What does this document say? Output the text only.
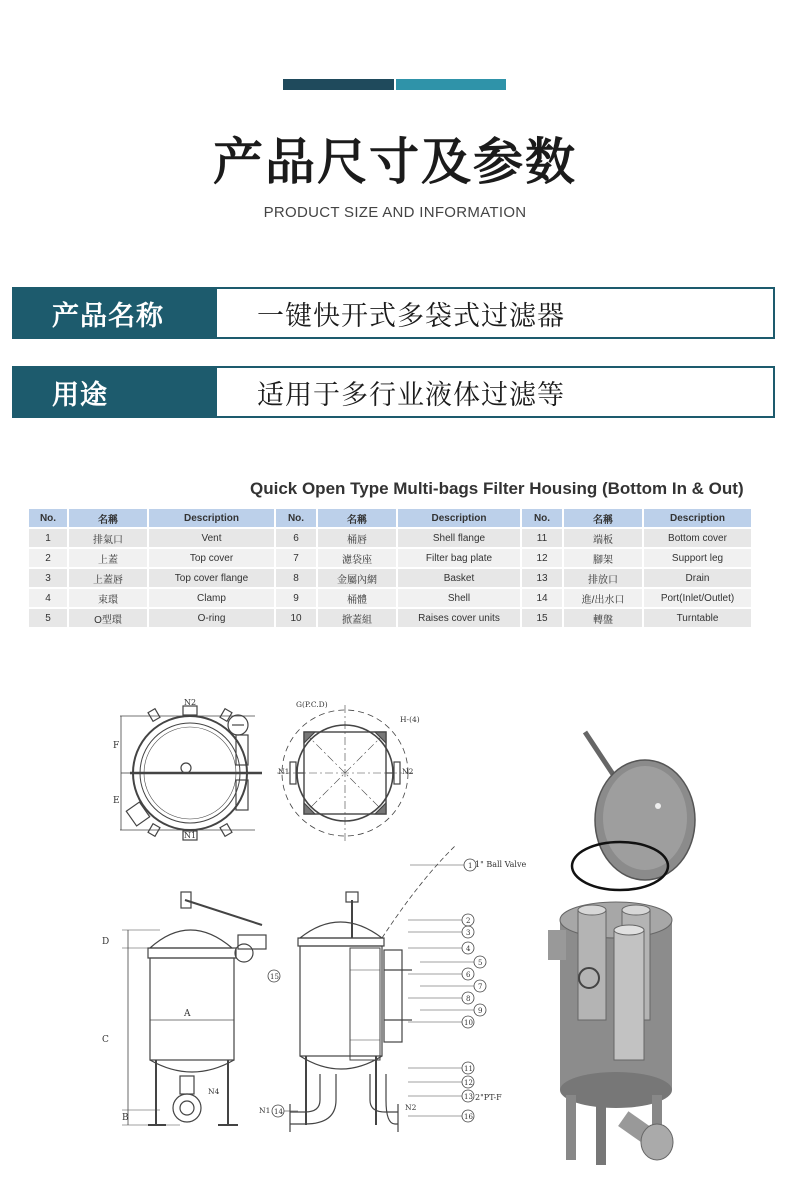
产品尺寸及参数
PRODUCT SIZE AND INFORMATION
产品名称	一键快开式多袋式过滤器
用途	适用于多行业液体过滤等
Quick Open Type Multi-bags Filter Housing (Bottom In & Out)
No.	名稱	Description	No.	名稱	Description	No.	名稱	Description
1	排氣口	Vent	6	桶唇	Shell flange	11	端板	Bottom cover
2	上蓋	Top cover	7	濾袋座	Filter bag plate	12	腳架	Support leg
3	上蓋唇	Top cover flange	8	金屬內網	Basket	13	排放口	Drain
4	束環	Clamp	9	桶體	Shell	14	進/出水口	Port(Inlet/Outlet)
5	O型環	O-ring	10	掀蓋組	Raises cover units	15	轉盤	Turntable
N2
N1
F
E
G(P.C.D)
H-(4)
N1	N2
D
C
A
B
N4
15
1
2
3
4
5
6
7
8
9
10
11
12
13
14
16
1" Ball Valve
2"PT-F
N1	N2
